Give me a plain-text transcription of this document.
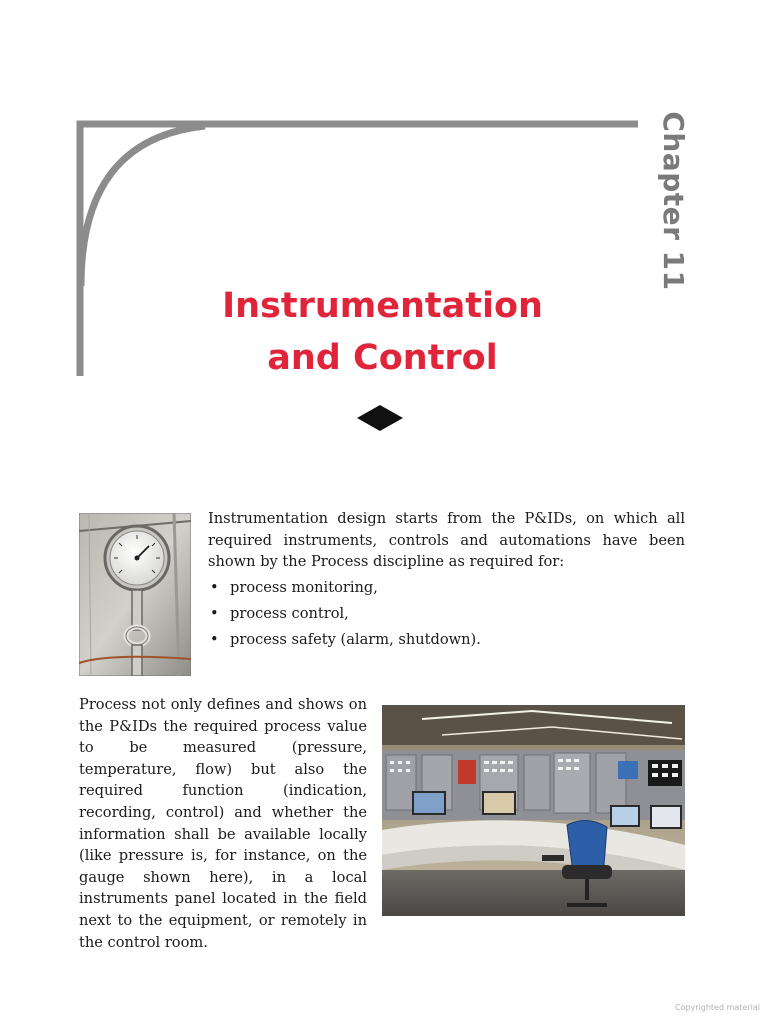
Chapter 11
Instrumentation
and Control

Instrumentation design starts from the P&IDs, on which all required instruments, controls and automations have been shown by the Process discipline as required for:

• process monitoring,
• process control,
• process safety (alarm, shutdown).

Process not only defines and shows on the P&IDs the required process value to be measured (pressure, temperature, flow) but also the required function (indication, recording, control) and whether the information shall be available locally (like pressure is, for instance, on the gauge shown here), in a local instruments panel located in the field next to the equipment, or remotely in the control room.

Copyrighted material
